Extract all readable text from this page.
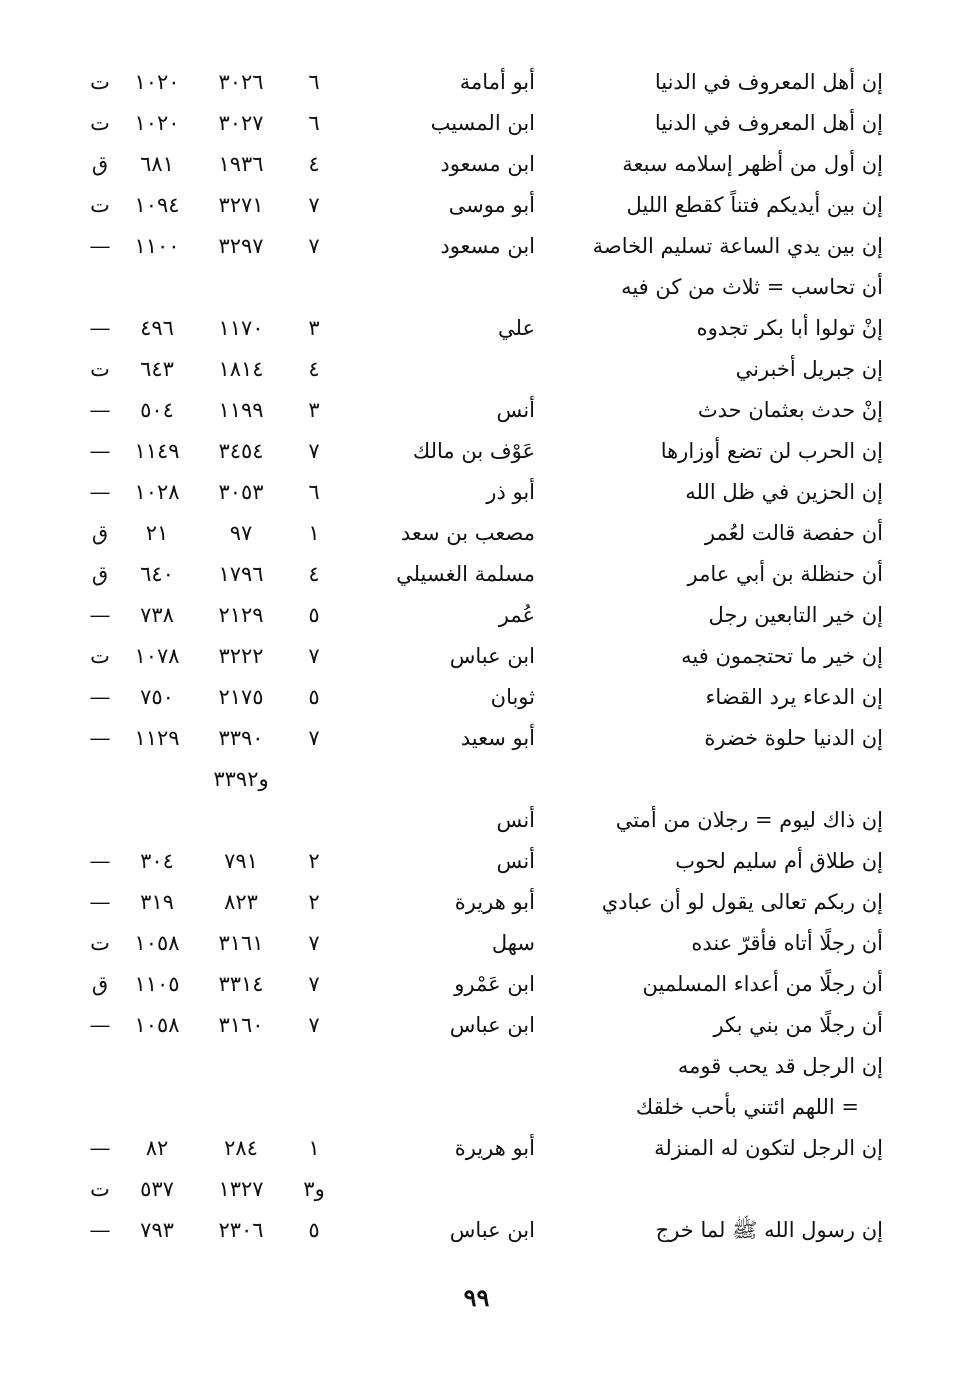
إن أهل المعروف في الدنيا
أبو أمامة
٦
٣٠٢٦
١٠٢٠
ت
إن أهل المعروف في الدنيا
ابن المسيب
٦
٣٠٢٧
١٠٢٠
ت
إن أول من أظهر إسلامه سبعة
ابن مسعود
٤
١٩٣٦
٦٨١
ق
إن بين أيديكم فتناً كقطع الليل
أبو موسى
٧
٣٢٧١
١٠٩٤
ت
إن بين يدي الساعة تسليم الخاصة
ابن مسعود
٧
٣٢٩٧
١١٠٠
—
أن تحاسب = ثلاث من كن فيه
إنْ تولوا أبا بكر تجدوه
علي
٣
١١٧٠
٤٩٦
—
إن جبريل أخبرني
٤
١٨١٤
٦٤٣
ت
إنْ حدث بعثمان حدث
أنس
٣
١١٩٩
٥٠٤
—
إن الحرب لن تضع أوزارها
عَوْف بن مالك
٧
٣٤٥٤
١١٤٩
—
إن الحزين في ظل الله
أبو ذر
٦
٣٠٥٣
١٠٢٨
—
أن حفصة قالت لعُمر
مصعب بن سعد
١
٩٧
٢١
ق
أن حنظلة بن أبي عامر
مسلمة الغسيلي
٤
١٧٩٦
٦٤٠
ق
إن خير التابعين رجل
عُمر
٥
٢١٢٩
٧٣٨
—
إن خير ما تحتجمون فيه
ابن عباس
٧
٣٢٢٢
١٠٧٨
ت
إن الدعاء يرد القضاء
ثوبان
٥
٢١٧٥
٧٥٠
—
إن الدنيا حلوة خضرة
أبو سعيد
٧
٣٣٩٠
١١٢٩
—
و٣٣٩٢
إن ذاك ليوم = رجلان من أمتي
أنس
إن طلاق أم سليم لحوب
أنس
٢
٧٩١
٣٠٤
—
إن ربكم تعالى يقول لو أن عبادي
أبو هريرة
٢
٨٢٣
٣١٩
—
أن رجلًا أتاه فأقرّ عنده
سهل
٧
٣١٦١
١٠٥٨
ت
أن رجلًا من أعداء المسلمين
ابن عَمْرو
٧
٣٣١٤
١١٠٥
ق
أن رجلًا من بني بكر
ابن عباس
٧
٣١٦٠
١٠٥٨
—
إن الرجل قد يحب قومه
= اللهم ائتني بأحب خلقك
إن الرجل لتكون له المنزلة
أبو هريرة
١
٢٨٤
٨٢
—
و٣
١٣٢٧
٥٣٧
ت
إن رسول الله ﷺ لما خرج
ابن عباس
٥
٢٣٠٦
٧٩٣
—
٩٩
